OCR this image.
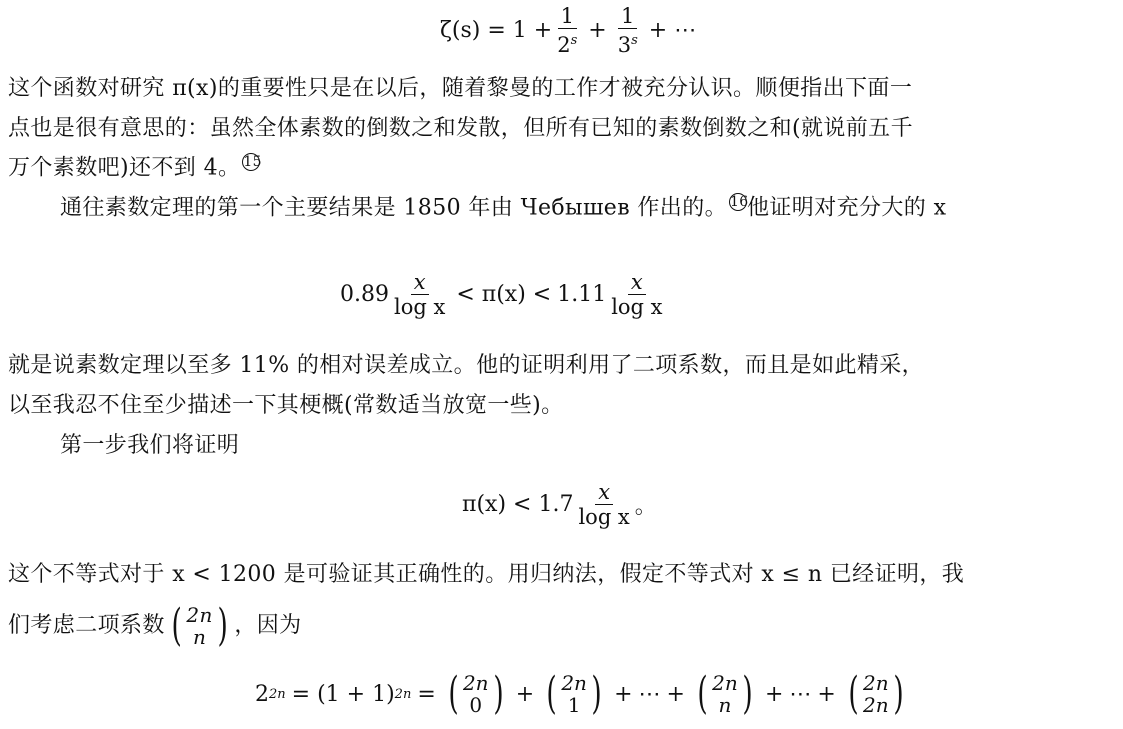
$\zeta(s) = 1 + \frac{1}{2^s} + \frac{1}{3^s}$ + ⋯
这个函数对研究 π(x)的重要性只是在以后，随着黎曼的工作才被充分认识。顺便指出下面一
点也是很有意思的：虽然全体素数的倒数之和发散，但所有已知的素数倒数之和(就说前五千
万个素数吧)还不到 4。 15
通往素数定理的第一个主要结果是 1850 年由 Чебышев 作出的。 16他证明对充分大的 x
$0.89 \frac{x}{\text{log x}} < \pi(x) < 1.11 \frac{x}{\text{log x}}$
就是说素数定理以至多 11% 的相对误差成立。他的证明利用了二项系数，而且是如此精采，
以至我忍不住至少描述一下其梗概(常数适当放宽一些)。
第一步我们将证明
$\pi(x) < 1.7 \frac{x}{\text{log x}}$ 。
这个不等式对于 x < 1200 是可验证其正确性的。用归纳法，假定不等式对 x ≤ n 已经证明，我
们考虑二项系数 ( 2n
n ) ，因为
2 2n = (1 + 1) 2n = ( 2n
0 ) + ( 2n
1 ) + ⋯ + ( 2n
n ) + ⋯ + ( 2n
2n )
